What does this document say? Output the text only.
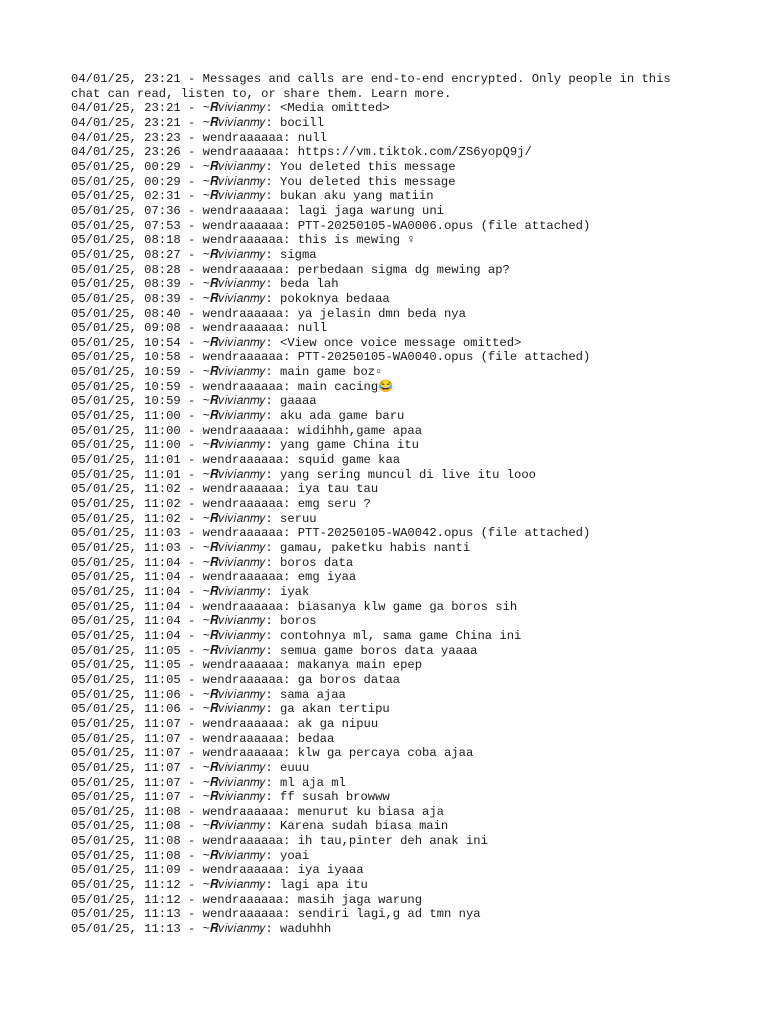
04/01/25, 23:21 - Messages and calls are end-to-end encrypted. Only people in this
chat can read, listen to, or share them. Learn more.
04/01/25, 23:21 - ~𝑹𝑣𝑖𝑣𝑖𝑎𝑛𝑚𝑦: <Media omitted>
04/01/25, 23:21 - ~𝑹𝑣𝑖𝑣𝑖𝑎𝑛𝑚𝑦: bocill
04/01/25, 23:23 - wendraaaaaa: null
04/01/25, 23:26 - wendraaaaaa: https://vm.tiktok.com/ZS6yopQ9j/
05/01/25, 00:29 - ~𝑹𝑣𝑖𝑣𝑖𝑎𝑛𝑚𝑦: You deleted this message
05/01/25, 00:29 - ~𝑹𝑣𝑖𝑣𝑖𝑎𝑛𝑚𝑦: You deleted this message
05/01/25, 02:31 - ~𝑹𝑣𝑖𝑣𝑖𝑎𝑛𝑚𝑦: bukan aku yang matiin
05/01/25, 07:36 - wendraaaaaa: lagi jaga warung uni
05/01/25, 07:53 - wendraaaaaa: PTT-20250105-WA0006.opus (file attached)
05/01/25, 08:18 - wendraaaaaa: this is mewing ♀
05/01/25, 08:27 - ~𝑹𝑣𝑖𝑣𝑖𝑎𝑛𝑚𝑦: sigma
05/01/25, 08:28 - wendraaaaaa: perbedaan sigma dg mewing ap?
05/01/25, 08:39 - ~𝑹𝑣𝑖𝑣𝑖𝑎𝑛𝑚𝑦: beda lah
05/01/25, 08:39 - ~𝑹𝑣𝑖𝑣𝑖𝑎𝑛𝑚𝑦: pokoknya bedaaa
05/01/25, 08:40 - wendraaaaaa: ya jelasin dmn beda nya
05/01/25, 09:08 - wendraaaaaa: null
05/01/25, 10:54 - ~𝑹𝑣𝑖𝑣𝑖𝑎𝑛𝑚𝑦: <View once voice message omitted>
05/01/25, 10:58 - wendraaaaaa: PTT-20250105-WA0040.opus (file attached)
05/01/25, 10:59 - ~𝑹𝑣𝑖𝑣𝑖𝑎𝑛𝑚𝑦: main game boz▫
05/01/25, 10:59 - wendraaaaaa: main cacing😂
05/01/25, 10:59 - ~𝑹𝑣𝑖𝑣𝑖𝑎𝑛𝑚𝑦: gaaaa
05/01/25, 11:00 - ~𝑹𝑣𝑖𝑣𝑖𝑎𝑛𝑚𝑦: aku ada game baru
05/01/25, 11:00 - wendraaaaaa: widihhh,game apaa
05/01/25, 11:00 - ~𝑹𝑣𝑖𝑣𝑖𝑎𝑛𝑚𝑦: yang game China itu
05/01/25, 11:01 - wendraaaaaa: squid game kaa
05/01/25, 11:01 - ~𝑹𝑣𝑖𝑣𝑖𝑎𝑛𝑚𝑦: yang sering muncul di live itu looo
05/01/25, 11:02 - wendraaaaaa: iya tau tau
05/01/25, 11:02 - wendraaaaaa: emg seru ?
05/01/25, 11:02 - ~𝑹𝑣𝑖𝑣𝑖𝑎𝑛𝑚𝑦: seruu
05/01/25, 11:03 - wendraaaaaa: PTT-20250105-WA0042.opus (file attached)
05/01/25, 11:03 - ~𝑹𝑣𝑖𝑣𝑖𝑎𝑛𝑚𝑦: gamau, paketku habis nanti
05/01/25, 11:04 - ~𝑹𝑣𝑖𝑣𝑖𝑎𝑛𝑚𝑦: boros data
05/01/25, 11:04 - wendraaaaaa: emg iyaa
05/01/25, 11:04 - ~𝑹𝑣𝑖𝑣𝑖𝑎𝑛𝑚𝑦: iyak
05/01/25, 11:04 - wendraaaaaa: biasanya klw game ga boros sih
05/01/25, 11:04 - ~𝑹𝑣𝑖𝑣𝑖𝑎𝑛𝑚𝑦: boros
05/01/25, 11:04 - ~𝑹𝑣𝑖𝑣𝑖𝑎𝑛𝑚𝑦: contohnya ml, sama game China ini
05/01/25, 11:05 - ~𝑹𝑣𝑖𝑣𝑖𝑎𝑛𝑚𝑦: semua game boros data yaaaa
05/01/25, 11:05 - wendraaaaaa: makanya main epep
05/01/25, 11:05 - wendraaaaaa: ga boros dataa
05/01/25, 11:06 - ~𝑹𝑣𝑖𝑣𝑖𝑎𝑛𝑚𝑦: sama ajaa
05/01/25, 11:06 - ~𝑹𝑣𝑖𝑣𝑖𝑎𝑛𝑚𝑦: ga akan tertipu
05/01/25, 11:07 - wendraaaaaa: ak ga nipuu
05/01/25, 11:07 - wendraaaaaa: bedaa
05/01/25, 11:07 - wendraaaaaa: klw ga percaya coba ajaa
05/01/25, 11:07 - ~𝑹𝑣𝑖𝑣𝑖𝑎𝑛𝑚𝑦: euuu
05/01/25, 11:07 - ~𝑹𝑣𝑖𝑣𝑖𝑎𝑛𝑚𝑦: ml aja ml
05/01/25, 11:07 - ~𝑹𝑣𝑖𝑣𝑖𝑎𝑛𝑚𝑦: ff susah browww
05/01/25, 11:08 - wendraaaaaa: menurut ku biasa aja
05/01/25, 11:08 - ~𝑹𝑣𝑖𝑣𝑖𝑎𝑛𝑚𝑦: Karena sudah biasa main
05/01/25, 11:08 - wendraaaaaa: ih tau,pinter deh anak ini
05/01/25, 11:08 - ~𝑹𝑣𝑖𝑣𝑖𝑎𝑛𝑚𝑦: yoai
05/01/25, 11:09 - wendraaaaaa: iya iyaaa
05/01/25, 11:12 - ~𝑹𝑣𝑖𝑣𝑖𝑎𝑛𝑚𝑦: lagi apa itu
05/01/25, 11:12 - wendraaaaaa: masih jaga warung
05/01/25, 11:13 - wendraaaaaa: sendiri lagi,g ad tmn nya
05/01/25, 11:13 - ~𝑹𝑣𝑖𝑣𝑖𝑎𝑛𝑚𝑦: waduhhh
